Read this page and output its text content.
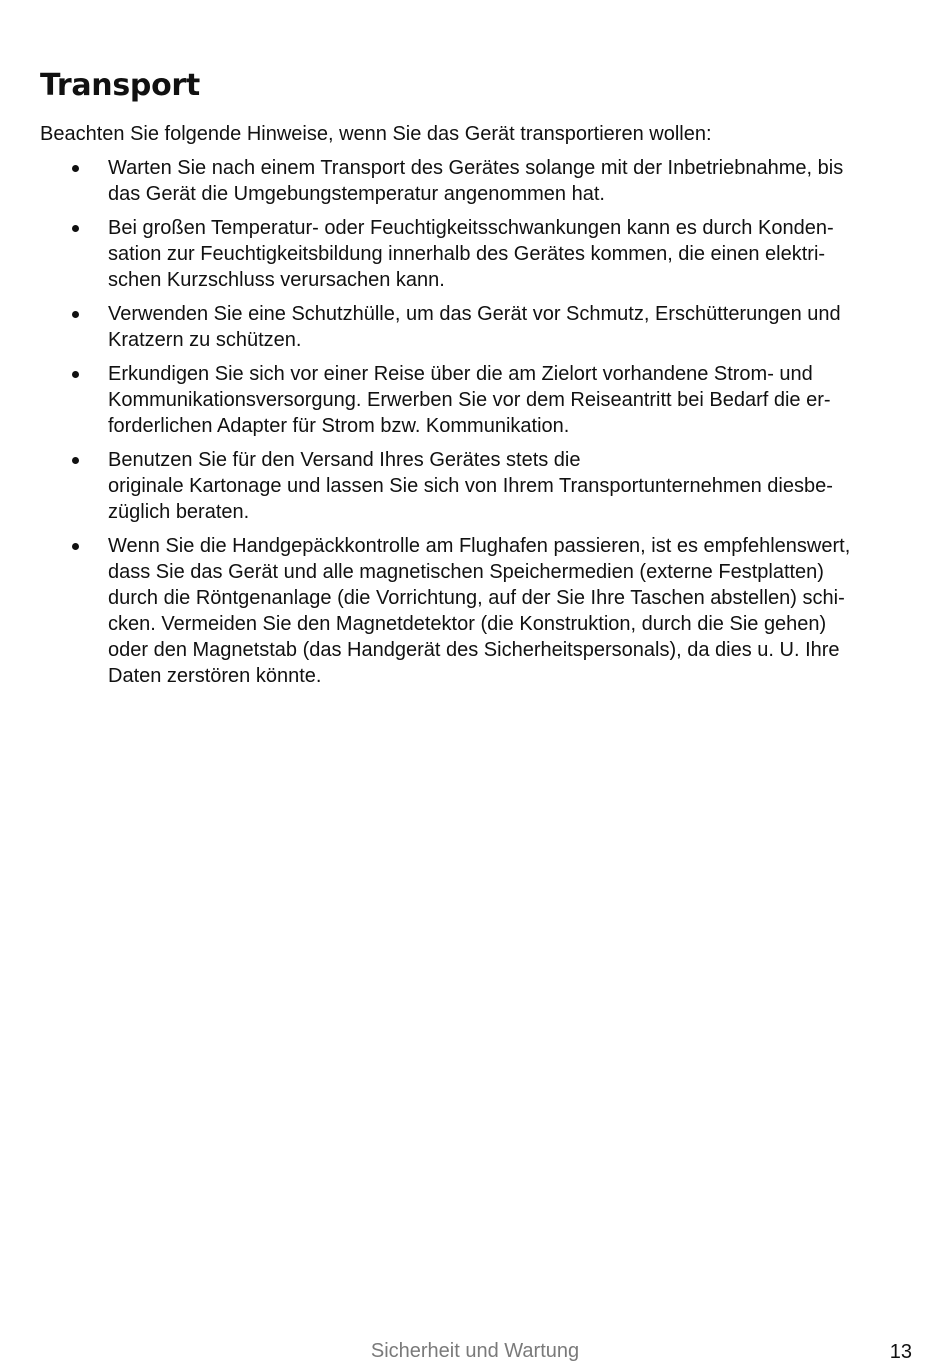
Transport

Beachten Sie folgende Hinweise, wenn Sie das Gerät transportieren wollen:

Warten Sie nach einem Transport des Gerätes solange mit der Inbetriebnahme, bis
das Gerät die Umgebungstemperatur angenommen hat.
Bei großen Temperatur- oder Feuchtigkeitsschwankungen kann es durch Konden-
sation zur Feuchtigkeitsbildung innerhalb des Gerätes kommen, die einen elektri-
schen Kurzschluss verursachen kann.
Verwenden Sie eine Schutzhülle, um das Gerät vor Schmutz, Erschütterungen und
Kratzern zu schützen.
Erkundigen Sie sich vor einer Reise über die am Zielort vorhandene Strom- und
Kommunikationsversorgung. Erwerben Sie vor dem Reiseantritt bei Bedarf die er-
forderlichen Adapter für Strom bzw. Kommunikation.
Benutzen Sie für den Versand Ihres Gerätes stets die
originale Kartonage und lassen Sie sich von Ihrem Transportunternehmen diesbe-
züglich beraten.
Wenn Sie die Handgepäckkontrolle am Flughafen passieren, ist es empfehlenswert,
dass Sie das Gerät und alle magnetischen Speichermedien (externe Festplatten)
durch die Röntgenanlage (die Vorrichtung, auf der Sie Ihre Taschen abstellen) schi-
cken. Vermeiden Sie den Magnetdetektor (die Konstruktion, durch die Sie gehen)
oder den Magnetstab (das Handgerät des Sicherheitspersonals), da dies u. U. Ihre
Daten zerstören könnte.
Sicherheit und Wartung	13
